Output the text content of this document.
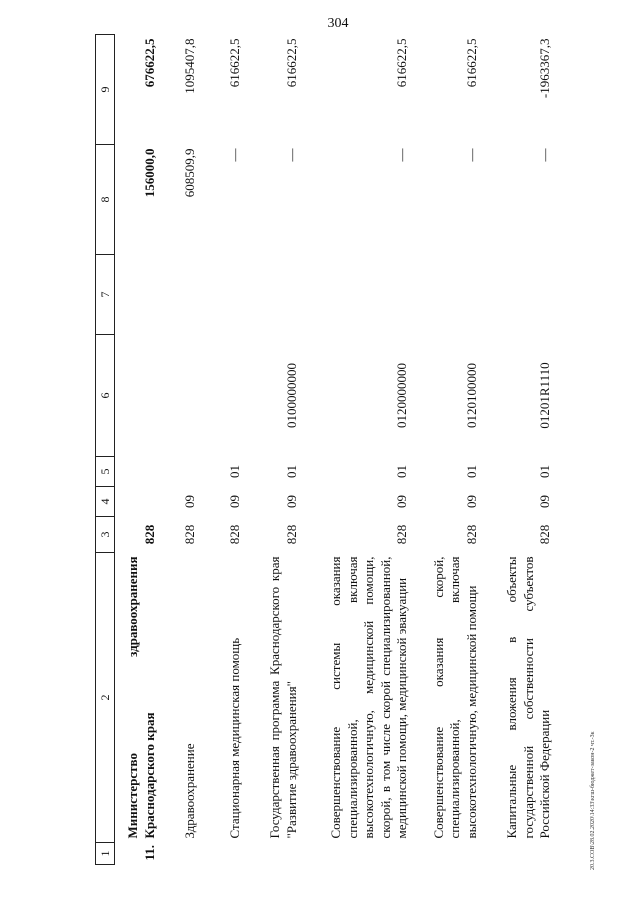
304
20.3.СОВ\28.02.2020\14:33\кгш-бюджет-закон-2 чт.-3к
1	2	3	4	5	6	7	8	9
11.	Министерство здравоохранения Краснодарского края	828					156000,0	676622,5
	Здравоохранение	828	09				608509,9	1095407,8
	Стационарная медицинская помощь	828	09	01			—	616622,5
	Государственная программа Краснодарского края "Развитие здравоохранения"	828	09	01	0100000000		—	616622,5
	Совершенствование системы оказания специализированной, включая высокотехнологичную, медицинской помощи, скорой, в том числе скорой специализированной, медицинской помощи, медицинской эвакуации	828	09	01	0120000000		—	616622,5
	Совершенствование оказания скорой, специализированной, включая высокотехнологичную, медицинской помощи	828	09	01	0120100000		—	616622,5
	Капитальные вложения в объекты государственной собственности субъектов Российской Федерации	828	09	01	01201R1110		—	-1963367,3
